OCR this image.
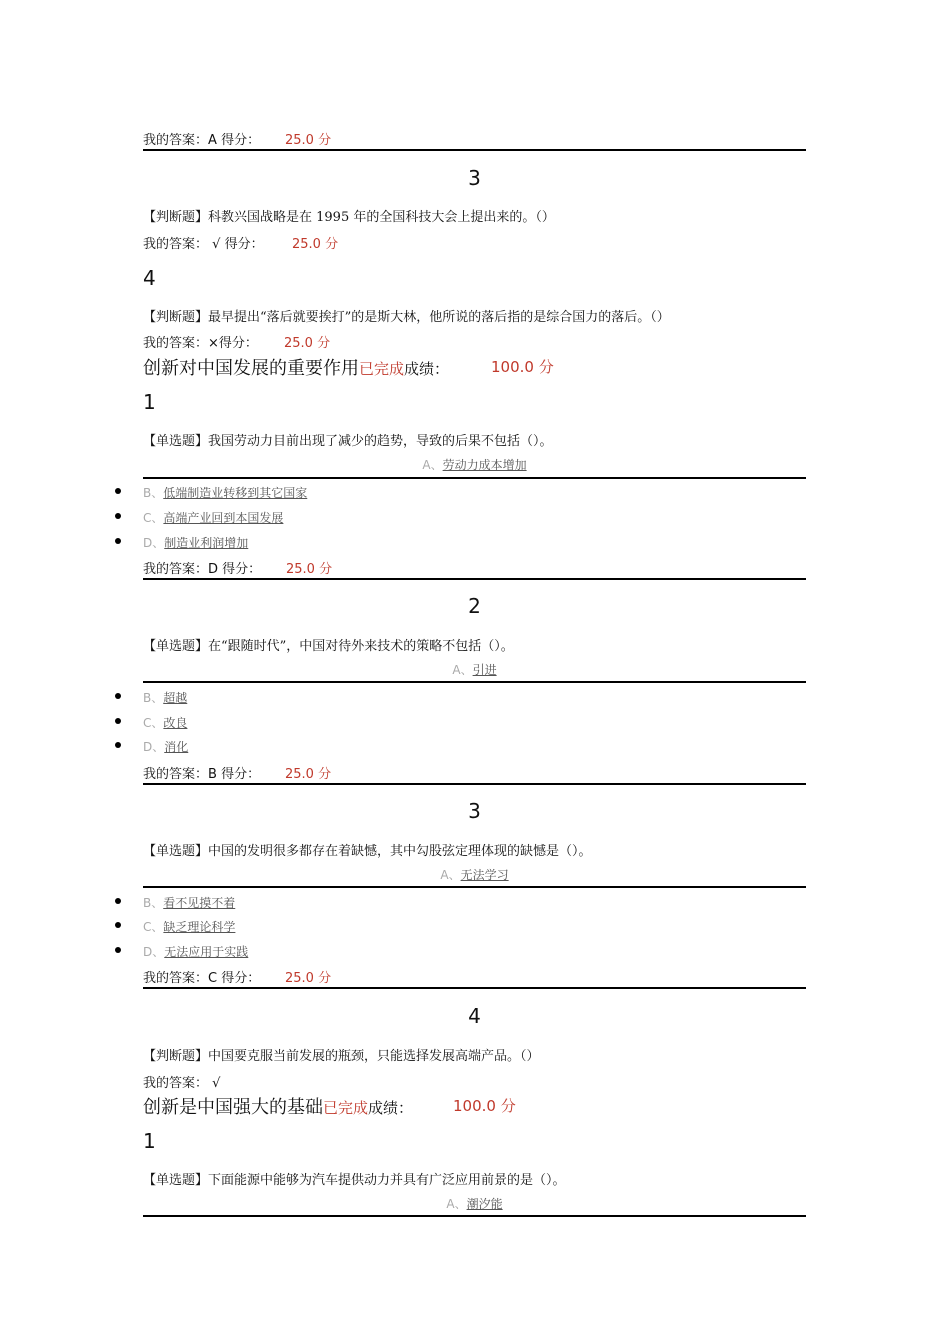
我的答案：A 得分： 25.0 分
3
【判断题】科教兴国战略是在 1995 年的全国科技大会上提出来的。（）
我的答案： √ 得分： 25.0 分
4
【判断题】最早提出“落后就要挨打”的是斯大林，他所说的落后指的是综合国力的落后。（）
我的答案：×得分： 25.0 分
创新对中国发展的重要作用已完成成绩：	100.0 分
1
【单选题】我国劳动力目前出现了减少的趋势，导致的后果不包括（）。
A、劳动力成本增加
B、低端制造业转移到其它国家
C、高端产业回到本国发展
D、制造业利润增加
我的答案：D 得分： 25.0 分
2
【单选题】在“跟随时代”，中国对待外来技术的策略不包括（）。
A、引进
B、超越
C、改良
D、消化
我的答案：B 得分： 25.0 分
3
【单选题】中国的发明很多都存在着缺憾，其中勾股弦定理体现的缺憾是（）。
A、无法学习
B、看不见摸不着
C、缺乏理论科学
D、无法应用于实践
我的答案：C 得分： 25.0 分
4
【判断题】中国要克服当前发展的瓶颈，只能选择发展高端产品。（）
我的答案： √
创新是中国强大的基础已完成成绩：	100.0 分
1
【单选题】下面能源中能够为汽车提供动力并具有广泛应用前景的是（）。
A、潮汐能
